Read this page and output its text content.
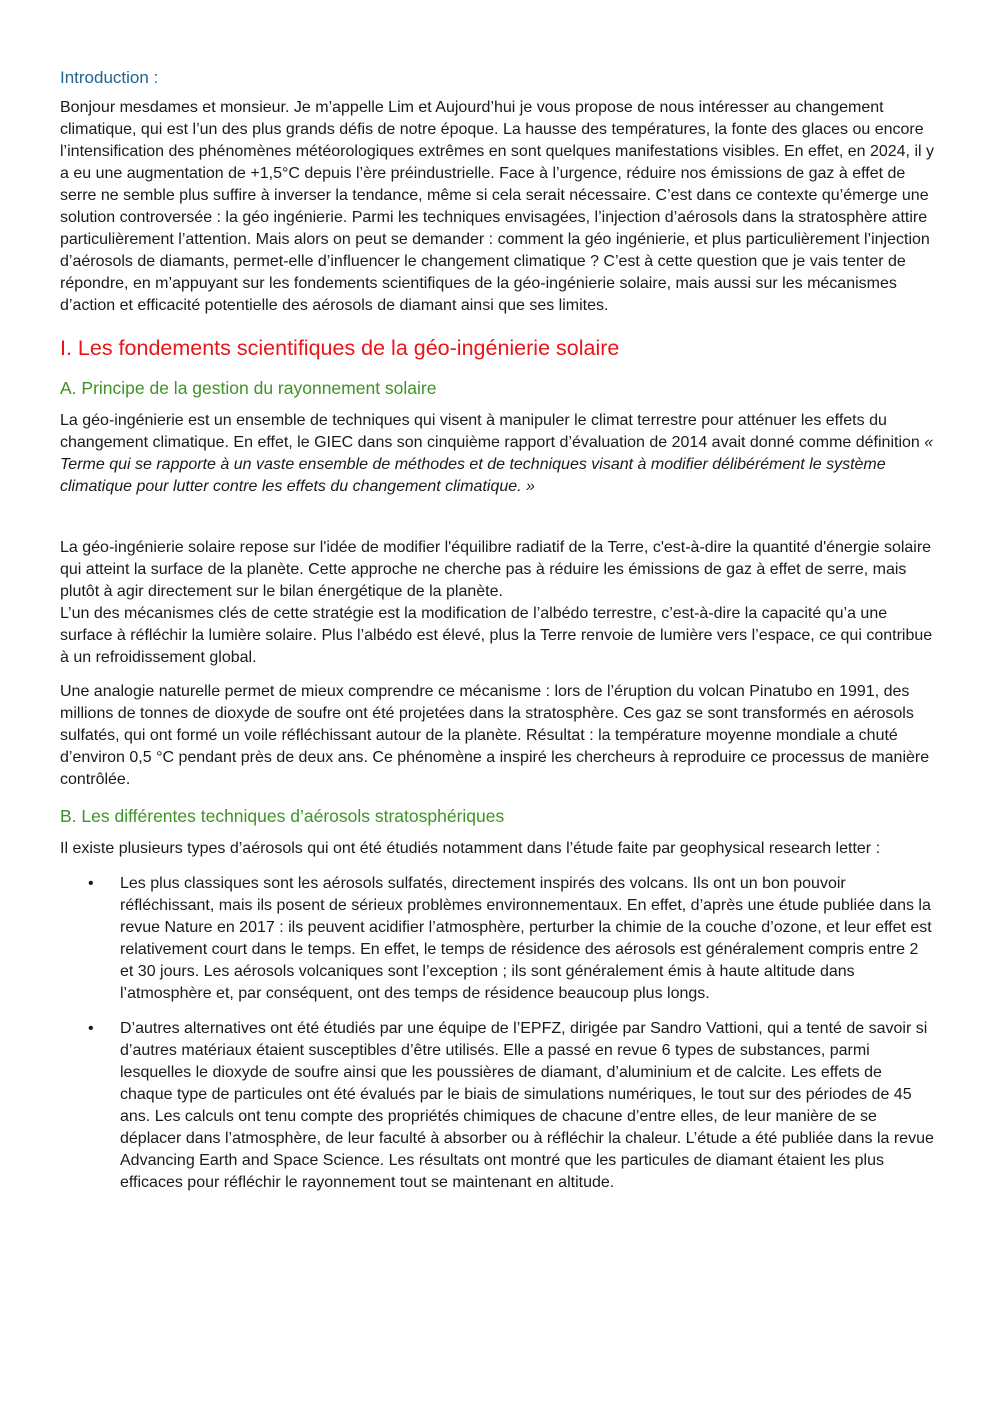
Introduction :

Bonjour mesdames et monsieur. Je m’appelle Lim et Aujourd’hui je vous propose de nous intéresser au changement climatique, qui est l’un des plus grands défis de notre époque. La hausse des températures, la fonte des glaces ou encore l’intensification des phénomènes météorologiques extrêmes en sont quelques manifestations visibles. En effet, en 2024, il y a eu une augmentation de +1,5°C depuis l’ère préindustrielle. Face à l’urgence, réduire nos émissions de gaz à effet de serre ne semble plus suffire à inverser la tendance, même si cela serait nécessaire. C’est dans ce contexte qu’émerge une solution controversée : la géo ingénierie. Parmi les techniques envisagées, l’injection d’aérosols dans la stratosphère attire particulièrement l’attention. Mais alors on peut se demander : comment la géo ingénierie, et plus particulièrement l’injection d’aérosols de diamants, permet-elle d’influencer le changement climatique ? C’est à cette question que je vais tenter de répondre, en m’appuyant sur les fondements scientifiques de la géo-ingénierie solaire, mais aussi sur les mécanismes d’action et efficacité potentielle des aérosols de diamant ainsi que ses limites.

I. Les fondements scientifiques de la géo-ingénierie solaire
A. Principe de la gestion du rayonnement solaire

La géo-ingénierie est un ensemble de techniques qui visent à manipuler le climat terrestre pour atténuer les effets du changement climatique. En effet, le GIEC dans son cinquième rapport d’évaluation de 2014 avait donné comme définition « Terme qui se rapporte à un vaste ensemble de méthodes et de techniques visant à modifier délibérément le système climatique pour lutter contre les effets du changement climatique. »

La géo-ingénierie solaire repose sur l'idée de modifier l'équilibre radiatif de la Terre, c'est-à-dire la quantité d'énergie solaire qui atteint la surface de la planète. Cette approche ne cherche pas à réduire les émissions de gaz à effet de serre, mais plutôt à agir directement sur le bilan énergétique de la planète.
L’un des mécanismes clés de cette stratégie est la modification de l’albédo terrestre, c’est-à-dire la capacité qu’a une surface à réfléchir la lumière solaire. Plus l’albédo est élevé, plus la Terre renvoie de lumière vers l’espace, ce qui contribue à un refroidissement global.

Une analogie naturelle permet de mieux comprendre ce mécanisme : lors de l’éruption du volcan Pinatubo en 1991, des millions de tonnes de dioxyde de soufre ont été projetées dans la stratosphère. Ces gaz se sont transformés en aérosols sulfatés, qui ont formé un voile réfléchissant autour de la planète. Résultat : la température moyenne mondiale a chuté d’environ 0,5 °C pendant près de deux ans. Ce phénomène a inspiré les chercheurs à reproduire ce processus de manière contrôlée.

B. Les différentes techniques d’aérosols stratosphériques

Il existe plusieurs types d’aérosols qui ont été étudiés notamment dans l’étude faite par geophysical research letter :

• Les plus classiques sont les aérosols sulfatés, directement inspirés des volcans. Ils ont un bon pouvoir réfléchissant, mais ils posent de sérieux problèmes environnementaux. En effet, d’après une étude publiée dans la revue Nature en 2017 : ils peuvent acidifier l’atmosphère, perturber la chimie de la couche d’ozone, et leur effet est relativement court dans le temps. En effet, le temps de résidence des aérosols est généralement compris entre 2 et 30 jours. Les aérosols volcaniques sont l’exception ; ils sont généralement émis à haute altitude dans l’atmosphère et, par conséquent, ont des temps de résidence beaucoup plus longs.
• D’autres alternatives ont été étudiés par une équipe de l’EPFZ, dirigée par Sandro Vattioni, qui a tenté de savoir si d’autres matériaux étaient susceptibles d’être utilisés. Elle a passé en revue 6 types de substances, parmi lesquelles le dioxyde de soufre ainsi que les poussières de diamant, d’aluminium et de calcite. Les effets de chaque type de particules ont été évalués par le biais de simulations numériques, le tout sur des périodes de 45 ans. Les calculs ont tenu compte des propriétés chimiques de chacune d’entre elles, de leur manière de se déplacer dans l’atmosphère, de leur faculté à absorber ou à réfléchir la chaleur. L’étude a été publiée dans la revue Advancing Earth and Space Science. Les résultats ont montré que les particules de diamant étaient les plus efficaces pour réfléchir le rayonnement tout se maintenant en altitude.
